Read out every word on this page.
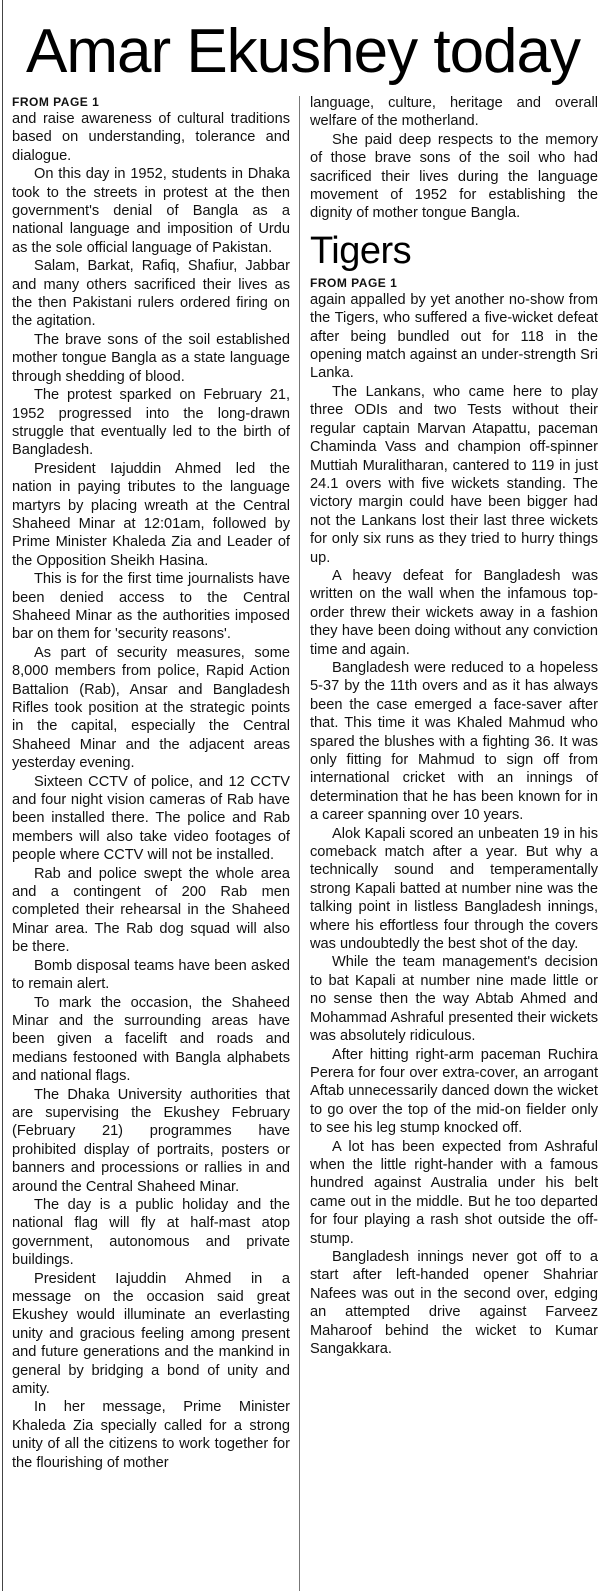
Amar Ekushey today

FROM PAGE 1

and raise awareness of cultural traditions based on understanding, tolerance and dialogue.

On this day in 1952, students in Dhaka took to the streets in protest at the then government's denial of Bangla as a national language and imposition of Urdu as the sole official language of Pakistan.

Salam, Barkat, Rafiq, Shafiur, Jabbar and many others sacrificed their lives as the then Pakistani rulers ordered firing on the agitation.

The brave sons of the soil established mother tongue Bangla as a state language through shedding of blood.

The protest sparked on February 21, 1952 progressed into the long-drawn struggle that eventually led to the birth of Bangladesh.

President Iajuddin Ahmed led the nation in paying tributes to the language martyrs by placing wreath at the Central Shaheed Minar at 12:01am, followed by Prime Minister Khaleda Zia and Leader of the Opposition Sheikh Hasina.

This is for the first time journalists have been denied access to the Central Shaheed Minar as the authorities imposed bar on them for 'security reasons'.

As part of security measures, some 8,000 members from police, Rapid Action Battalion (Rab), Ansar and Bangladesh Rifles took position at the strategic points in the capital, especially the Central Shaheed Minar and the adjacent areas yesterday evening.

Sixteen CCTV of police, and 12 CCTV and four night vision cameras of Rab have been installed there. The police and Rab members will also take video footages of people where CCTV will not be installed.

Rab and police swept the whole area and a contingent of 200 Rab men completed their rehearsal in the Shaheed Minar area. The Rab dog squad will also be there.

Bomb disposal teams have been asked to remain alert.

To mark the occasion, the Shaheed Minar and the surrounding areas have been given a facelift and roads and medians festooned with Bangla alphabets and national flags.

The Dhaka University authorities that are supervising the Ekushey February (February 21) programmes have prohibited display of portraits, posters or banners and processions or rallies in and around the Central Shaheed Minar.

The day is a public holiday and the national flag will fly at half-mast atop government, autonomous and private buildings.

President Iajuddin Ahmed in a message on the occasion said great Ekushey would illuminate an everlasting unity and gracious feeling among present and future generations and the mankind in general by bridging a bond of unity and amity.

In her message, Prime Minister Khaleda Zia specially called for a strong unity of all the citizens to work together for the flourishing of mother

language, culture, heritage and overall welfare of the motherland.

She paid deep respects to the memory of those brave sons of the soil who had sacrificed their lives during the language movement of 1952 for establishing the dignity of mother tongue Bangla.

Tigers

FROM PAGE 1

again appalled by yet another no-show from the Tigers, who suffered a five-wicket defeat after being bundled out for 118 in the opening match against an under-strength Sri Lanka.

The Lankans, who came here to play three ODIs and two Tests without their regular captain Marvan Atapattu, paceman Chaminda Vass and champion off-spinner Muttiah Muralitharan, cantered to 119 in just 24.1 overs with five wickets standing. The victory margin could have been bigger had not the Lankans lost their last three wickets for only six runs as they tried to hurry things up.

A heavy defeat for Bangladesh was written on the wall when the infamous top-order threw their wickets away in a fashion they have been doing without any conviction time and again.

Bangladesh were reduced to a hopeless 5-37 by the 11th overs and as it has always been the case emerged a face-saver after that. This time it was Khaled Mahmud who spared the blushes with a fighting 36. It was only fitting for Mahmud to sign off from international cricket with an innings of determination that he has been known for in a career spanning over 10 years.

Alok Kapali scored an unbeaten 19 in his comeback match after a year. But why a technically sound and temperamentally strong Kapali batted at number nine was the talking point in listless Bangladesh innings, where his effortless four through the covers was undoubtedly the best shot of the day.

While the team management's decision to bat Kapali at number nine made little or no sense then the way Abtab Ahmed and Mohammad Ashraful presented their wickets was absolutely ridiculous.

After hitting right-arm paceman Ruchira Perera for four over extra-cover, an arrogant Aftab unnecessarily danced down the wicket to go over the top of the mid-on fielder only to see his leg stump knocked off.

A lot has been expected from Ashraful when the little right-hander with a famous hundred against Australia under his belt came out in the middle. But he too departed for four playing a rash shot outside the off-stump.

Bangladesh innings never got off to a start after left-handed opener Shahriar Nafees was out in the second over, edging an attempted drive against Farveez Maharoof behind the wicket to Kumar Sangakkara.
